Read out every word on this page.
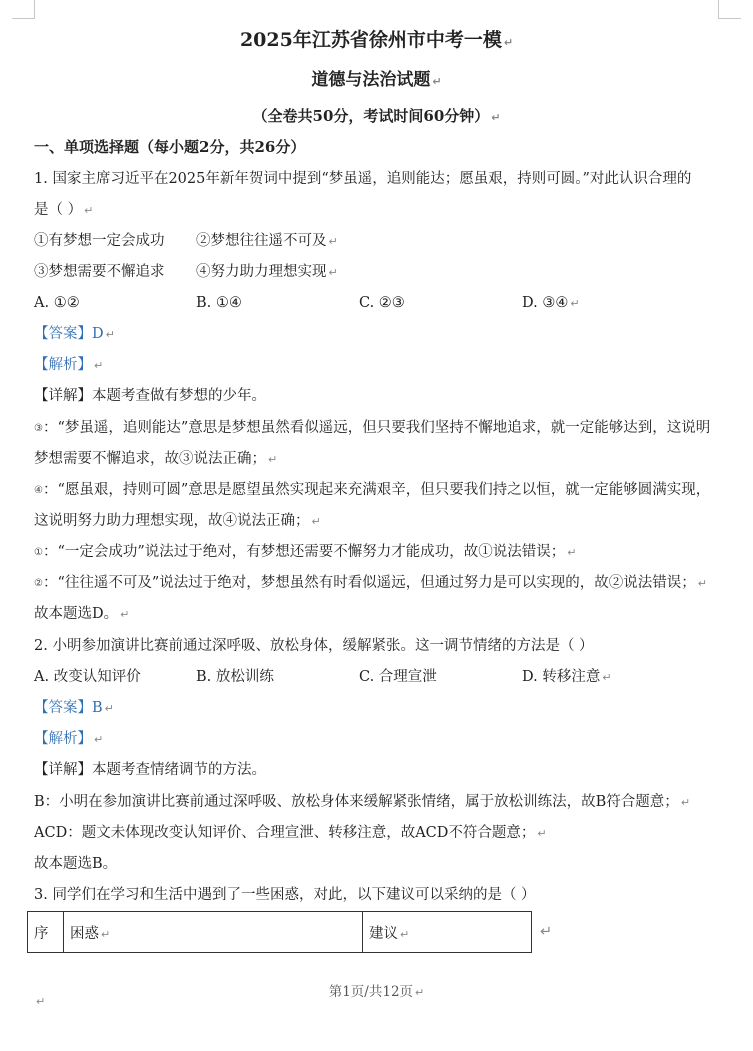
2025年江苏省徐州市中考一模 ↵
道德与法治试题 ↵
（全卷共50分，考试时间60分钟） ↵
一、单项选择题（每小题2分，共26分）
1. 国家主席习近平在2025年新年贺词中提到“梦虽遥，追则能达；愿虽艰，持则可圆。”对此认识合理的
是（ ） ↵
①有梦想一定会成功 ②梦想往往遥不可及 ↵
③梦想需要不懈追求 ④努力助力理想实现 ↵
A. ①②	B. ①④	C. ②③	D. ③④ ↵
【答案】D ↵
【解析】 ↵
【详解】本题考查做有梦想的少年。
③：“梦虽遥，追则能达”意思是梦想虽然看似遥远，但只要我们坚持不懈地追求，就一定能够达到，这说明
梦想需要不懈追求，故③说法正确； ↵
④：“愿虽艰，持则可圆”意思是愿望虽然实现起来充满艰辛，但只要我们持之以恒，就一定能够圆满实现，
这说明努力助力理想实现，故④说法正确； ↵
①：“一定会成功”说法过于绝对，有梦想还需要不懈努力才能成功，故①说法错误； ↵
②：“往往遥不可及”说法过于绝对，梦想虽然有时看似遥远，但通过努力是可以实现的，故②说法错误； ↵
故本题选D。 ↵
2. 小明参加演讲比赛前通过深呼吸、放松身体，缓解紧张。这一调节情绪的方法是（ ）
A. 改变认知评价	B. 放松训练	C. 合理宣泄	D. 转移注意 ↵
【答案】B ↵
【解析】 ↵
【详解】本题考查情绪调节的方法。
B：小明在参加演讲比赛前通过深呼吸、放松身体来缓解紧张情绪，属于放松训练法，故B符合题意； ↵
ACD：题文未体现改变认知评价、合理宣泄、转移注意，故ACD不符合题意； ↵
故本题选B。
3. 同学们在学习和生活中遇到了一些困惑，对此，以下建议可以采纳的是（ ）
序	困惑 ↵	建议 ↵	↵
第1页/共12页 ↵
↵
